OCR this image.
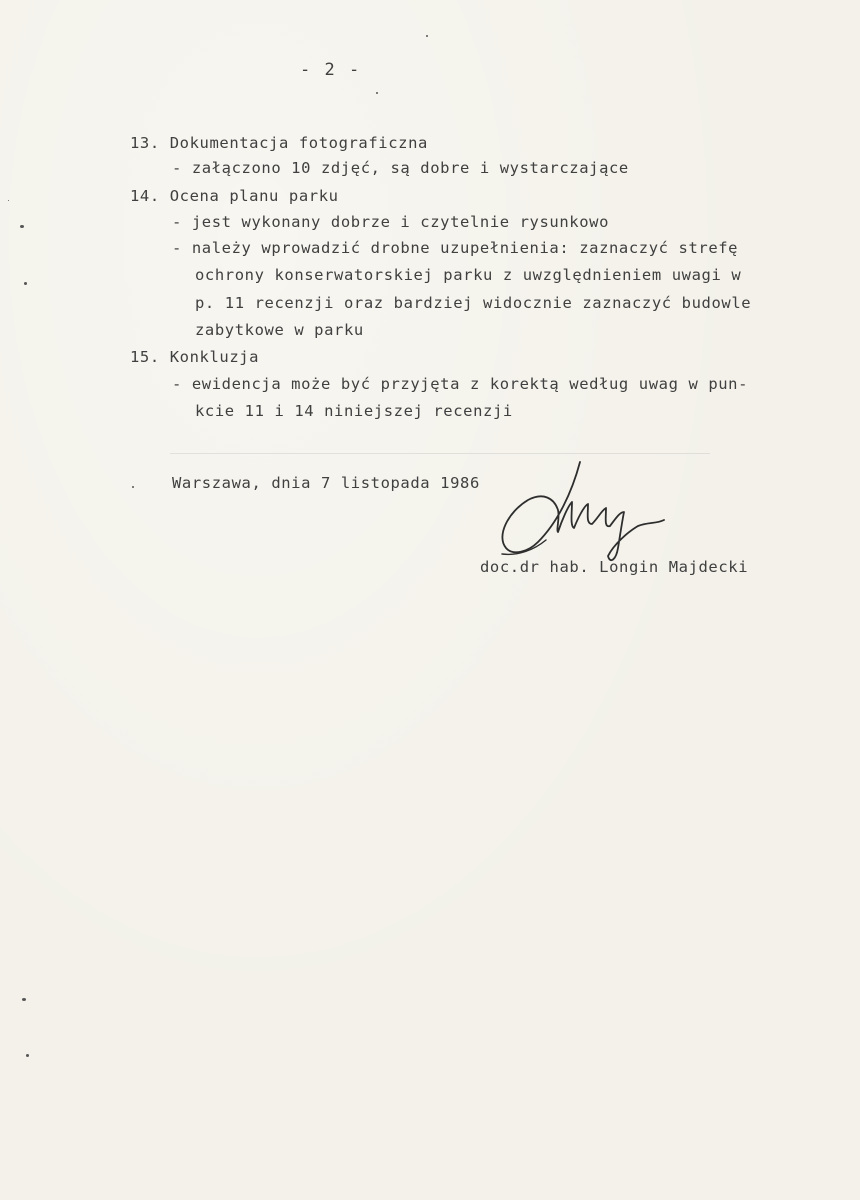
- 2 -
13. Dokumentacja fotograficzna
- załączono 10 zdjęć, są dobre i wystarczające
14. Ocena planu parku
- jest wykonany dobrze i czytelnie rysunkowo
- należy wprowadzić drobne uzupełnienia: zaznaczyć strefę
ochrony konserwatorskiej parku z uwzględnieniem uwagi w
p. 11 recenzji oraz bardziej widocznie zaznaczyć budowle
zabytkowe w parku
15. Konkluzja
- ewidencja może być przyjęta z korektą według uwag w pun-
kcie 11 i 14 niniejszej recenzji
Warszawa, dnia 7 listopada 1986
doc.dr hab. Longin Majdecki
